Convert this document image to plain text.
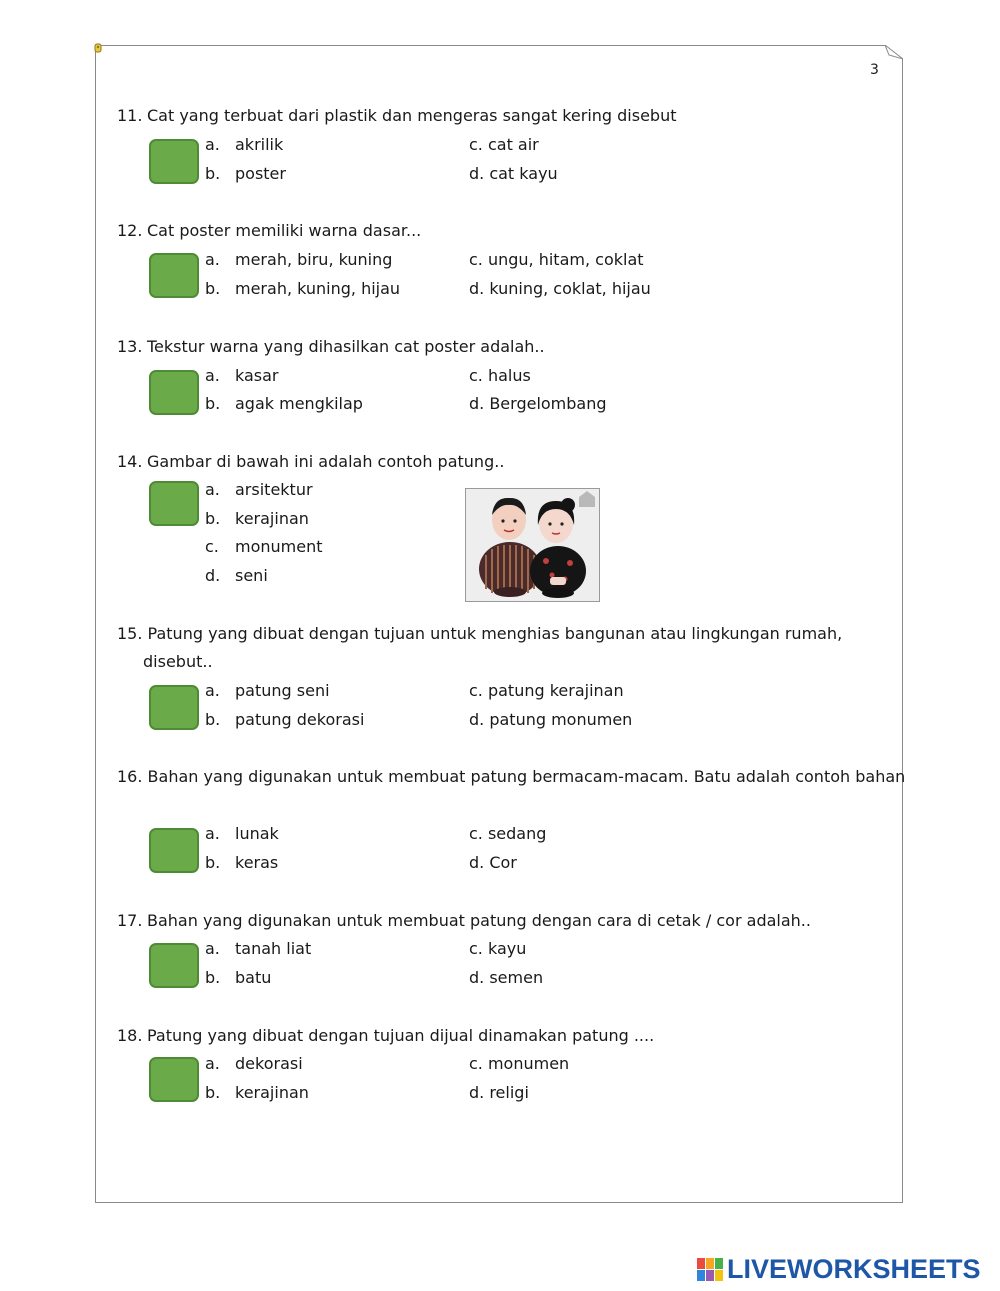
3
11. Cat yang terbuat dari plastik dan mengeras sangat kering disebut
a. akrilik
b. poster
c. cat air
d. cat kayu
12. Cat poster memiliki warna dasar...
a. merah, biru, kuning
b. merah, kuning, hijau
c. ungu, hitam, coklat
d. kuning, coklat, hijau
13. Tekstur warna yang dihasilkan cat poster adalah..
a. kasar
b. agak mengkilap
c. halus
d. Bergelombang
14. Gambar di bawah ini adalah contoh patung..
a. arsitektur
b. kerajinan
c. monument
d. seni
15. Patung yang dibuat dengan tujuan untuk menghias bangunan atau lingkungan rumah, disebut..
a. patung seni
b. patung dekorasi
c. patung kerajinan
d. patung monumen
16. Bahan yang digunakan untuk membuat patung bermacam-macam. Batu adalah contoh bahan
a. lunak
b. keras
c. sedang
d. Cor
17. Bahan yang digunakan untuk membuat patung dengan cara di cetak / cor adalah..
a. tanah liat
b. batu
c. kayu
d. semen
18. Patung yang dibuat dengan tujuan dijual dinamakan patung ....
a. dekorasi
b. kerajinan
c. monumen
d. religi
LIVEWORKSHEETS
